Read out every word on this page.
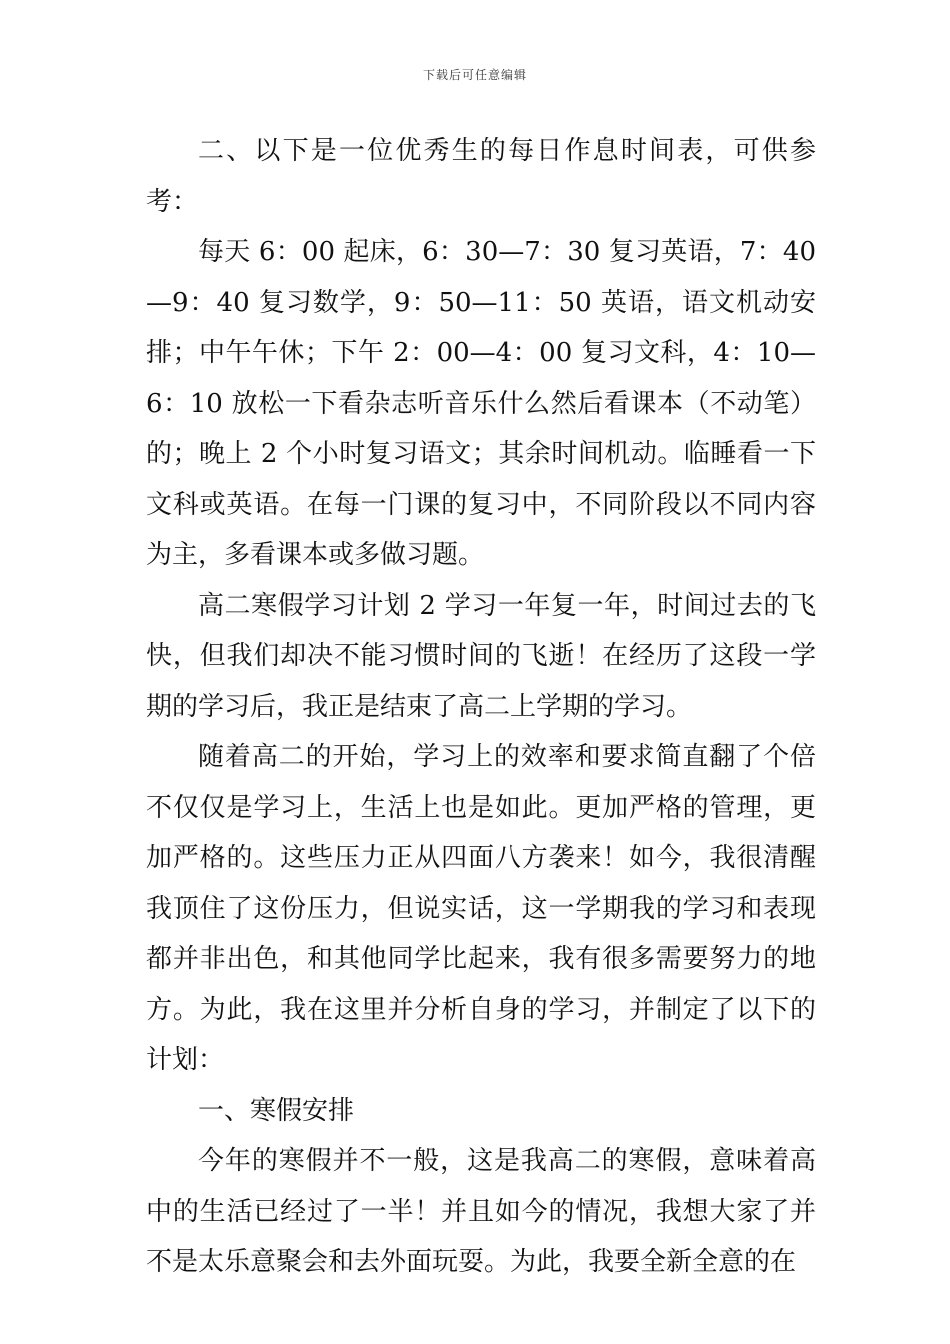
下载后可任意编辑

二、以下是一位优秀生的每日作息时间表，可供参考：

每天 6：00 起床，6：30—7：30 复习英语，7：40—9：40 复习数学，9：50—11：50 英语，语文机动安排；中午午休；下午 2：00—4：00 复习文科，4：10—6：10 放松一下看杂志听音乐什么然后看课本（不动笔）的；晚上 2 个小时复习语文；其余时间机动。临睡看一下文科或英语。在每一门课的复习中，不同阶段以不同内容为主，多看课本或多做习题。

高二寒假学习计划 2 学习一年复一年，时间过去的飞快，但我们却决不能习惯时间的飞逝！在经历了这段一学期的学习后，我正是结束了高二上学期的学习。

随着高二的开始，学习上的效率和要求简直翻了个倍不仅仅是学习上，生活上也是如此。更加严格的管理，更加严格的。这些压力正从四面八方袭来！如今，我很清醒我顶住了这份压力，但说实话，这一学期我的学习和表现都并非出色，和其他同学比起来，我有很多需要努力的地方。为此，我在这里并分析自身的学习，并制定了以下的计划：

一、寒假安排

今年的寒假并不一般，这是我高二的寒假，意味着高中的生活已经过了一半！并且如今的情况，我想大家了并不是太乐意聚会和去外面玩耍。为此，我要全新全意的在
